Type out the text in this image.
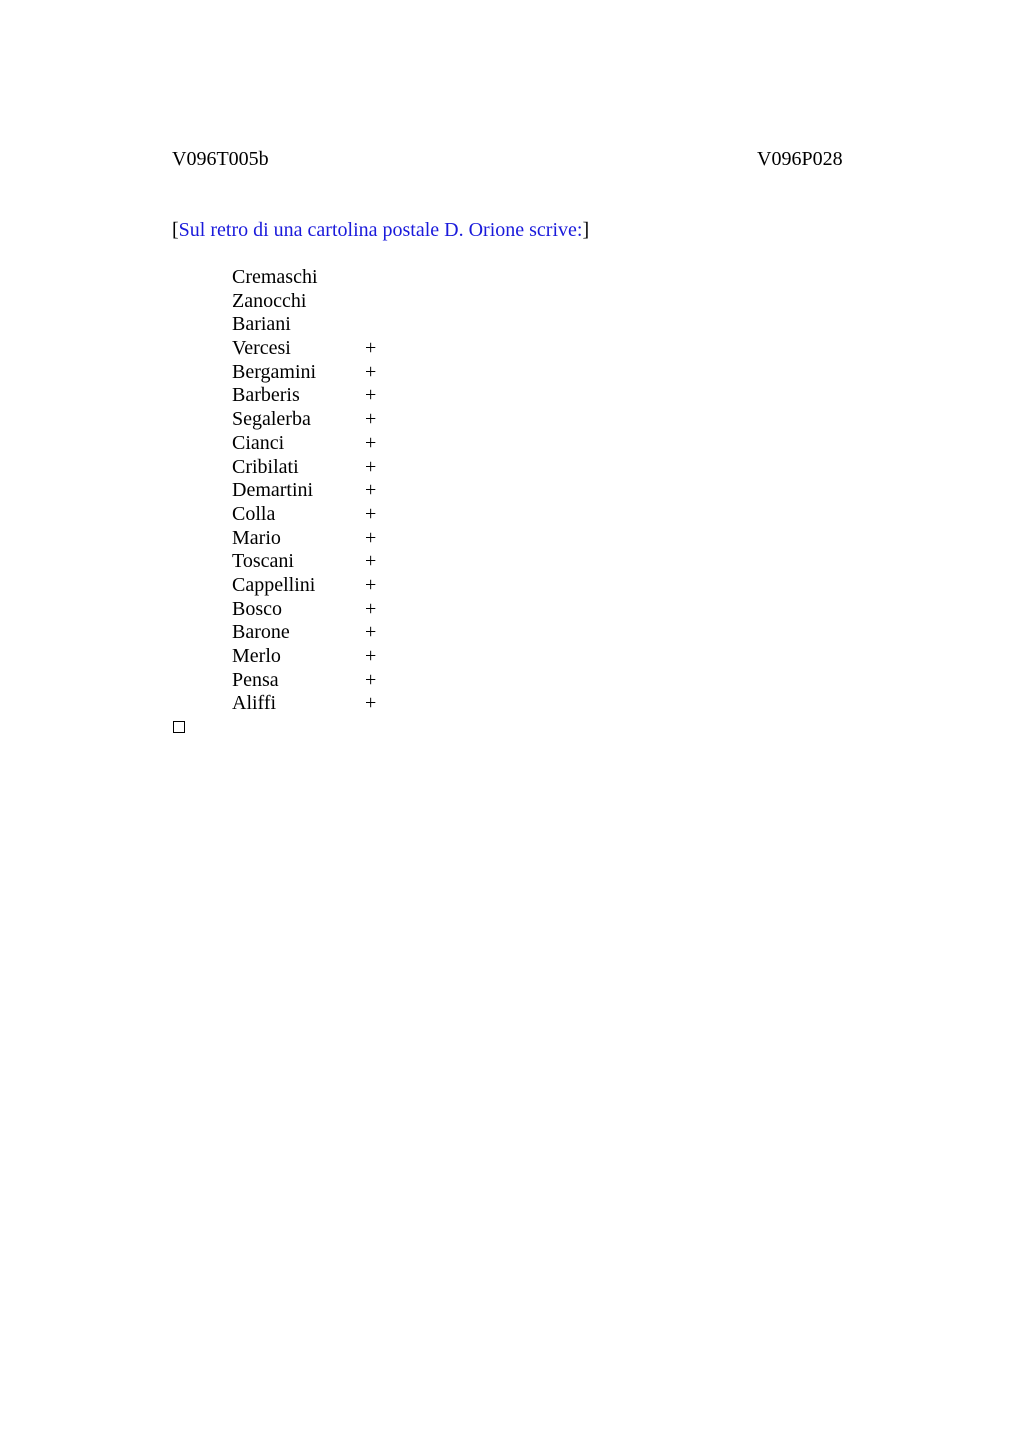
V096T005b	V096P028
[Sul retro di una cartolina postale D. Orione scrive:]
Cremaschi
Zanocchi
Bariani
Vercesi	+
Bergamini +
Barberis	+
Segalerba	+
Cianci	+
Cribilati	+
Demartini	+
Colla	+
Mario	+
Toscani	+
Cappellini +
Bosco	+
Barone	+
Merlo	+
Pensa	+
Aliffi	+
